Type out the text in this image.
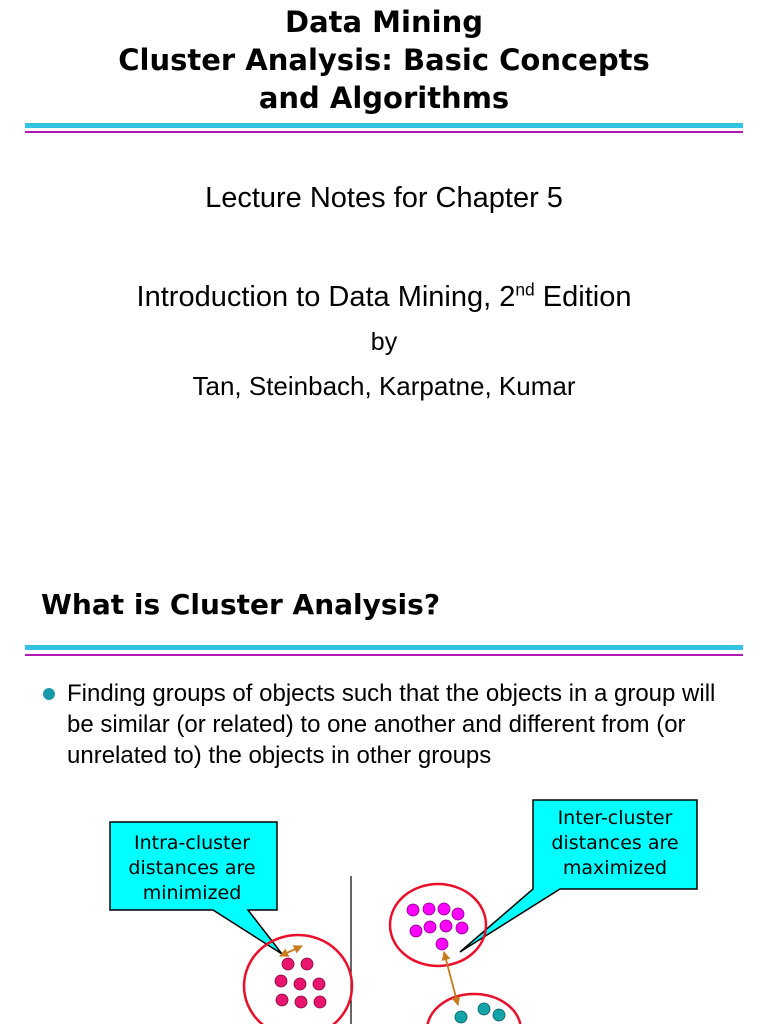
Data Mining
Cluster Analysis: Basic Concepts
and Algorithms
Lecture Notes for Chapter 5
Introduction to Data Mining, 2nd Edition
by
Tan, Steinbach, Karpatne, Kumar
What is Cluster Analysis?
Finding groups of objects such that the objects in a group will be similar (or related) to one another and different from (or unrelated to) the objects in other groups
Intra-cluster
distances are
minimized
Inter-cluster
distances are
maximized
